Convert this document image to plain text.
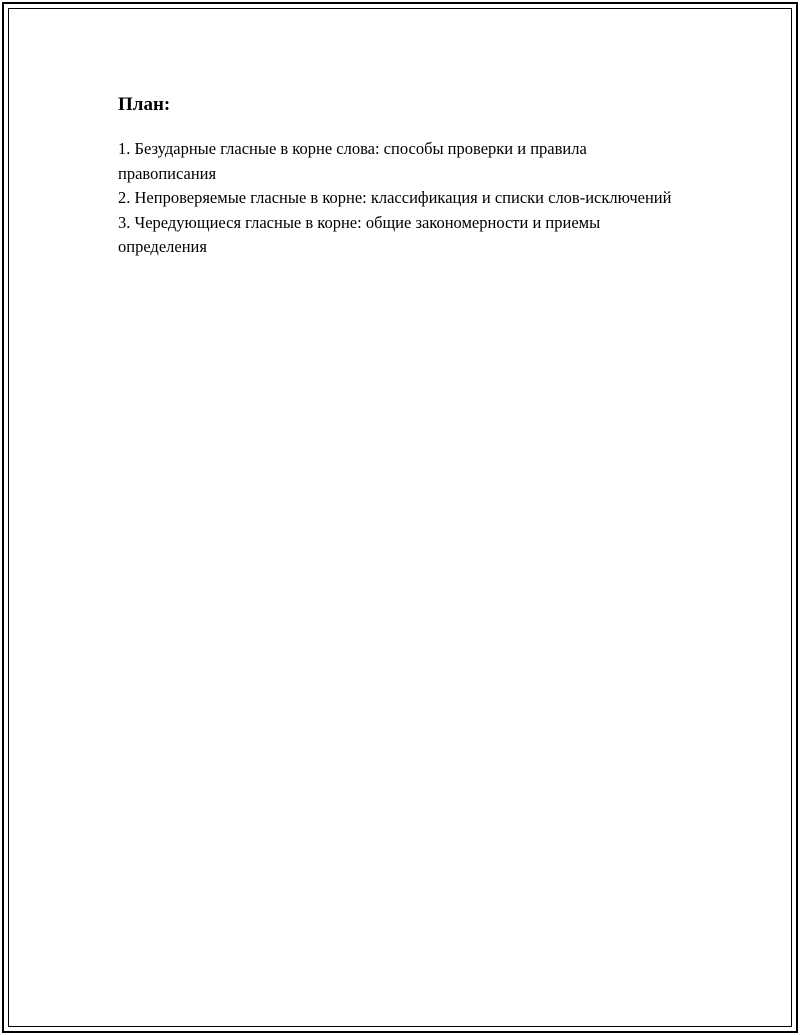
План:
1. Безударные гласные в корне слова: способы проверки и правила правописания
2. Непроверяемые гласные в корне: классификация и списки слов-исключений
3. Чередующиеся гласные в корне: общие закономерности и приемы определения
